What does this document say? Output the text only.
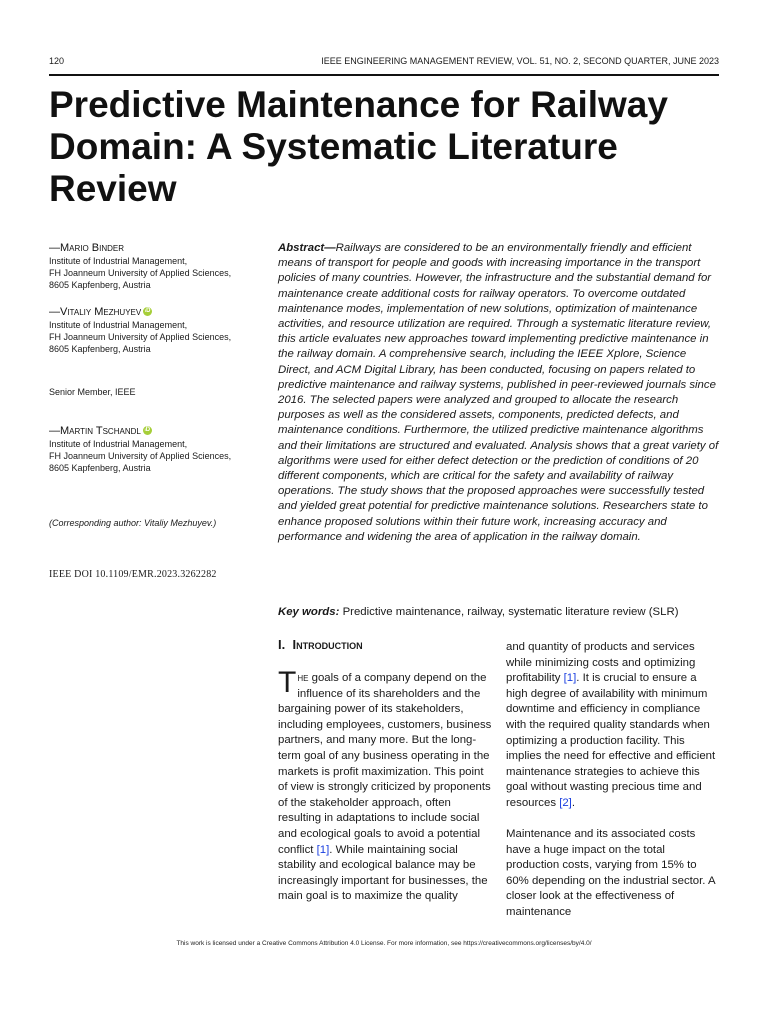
120	IEEE ENGINEERING MANAGEMENT REVIEW, VOL. 51, NO. 2, SECOND QUARTER, JUNE 2023
Predictive Maintenance for Railway Domain: A Systematic Literature Review
—Mario Binder
Institute of Industrial Management,
FH Joanneum University of Applied Sciences,
8605 Kapfenberg, Austria
—Vitaliy Mezhuyev iD
Institute of Industrial Management,
FH Joanneum University of Applied Sciences,
8605 Kapfenberg, Austria
Senior Member, IEEE
—Martin Tschandl iD
Institute of Industrial Management,
FH Joanneum University of Applied Sciences,
8605 Kapfenberg, Austria
(Corresponding author: Vitaliy Mezhuyev.)
IEEE DOI 10.1109/EMR.2023.3262282

Abstract—Railways are considered to be an environmentally friendly and efficient means of transport for people and goods with increasing importance in the transport policies of many countries. However, the infrastructure and the substantial demand for maintenance create additional costs for railway operators. To overcome outdated maintenance modes, implementation of new solutions, optimization of maintenance activities, and resource utilization are required. Through a systematic literature review, this article evaluates new approaches toward implementing predictive maintenance in the railway domain. A comprehensive search, including the IEEE Xplore, Science Direct, and ACM Digital Library, has been conducted, focusing on papers related to predictive maintenance and railway systems, published in peer-reviewed journals since 2016. The selected papers were analyzed and grouped to allocate the research purposes as well as the considered assets, components, predicted defects, and maintenance conditions. Furthermore, the utilized predictive maintenance algorithms and their limitations are structured and evaluated. Analysis shows that a great variety of algorithms were used for either defect detection or the prediction of conditions of 20 different components, which are critical for the safety and availability of railway operations. The study shows that the proposed approaches were successfully tested and yielded great potential for predictive maintenance solutions. Researchers state to enhance proposed solutions within their future work, increasing accuracy and performance and widening the area of application in the railway domain.

Key words: Predictive maintenance, railway, systematic literature review (SLR)
I. Introduction

The goals of a company depend on the influence of its shareholders and the bargaining power of its stakeholders, including employees, customers, business partners, and many more. But the long-term goal of any business operating in the markets is profit maximization. This point of view is strongly criticized by proponents of the stakeholder approach, often resulting in adaptations to include social and ecological goals to avoid a potential conflict [1]. While maintaining social stability and ecological balance may be increasingly important for businesses, the main goal is to maximize the quality

and quantity of products and services while minimizing costs and optimizing profitability [1]. It is crucial to ensure a high degree of availability with minimum downtime and efficiency in compliance with the required quality standards when optimizing a production facility. This implies the need for effective and efficient maintenance strategies to achieve this goal without wasting precious time and resources [2].

Maintenance and its associated costs have a huge impact on the total production costs, varying from 15% to 60% depending on the industrial sector. A closer look at the effectiveness of maintenance

This work is licensed under a Creative Commons Attribution 4.0 License. For more information, see https://creativecommons.org/licenses/by/4.0/
